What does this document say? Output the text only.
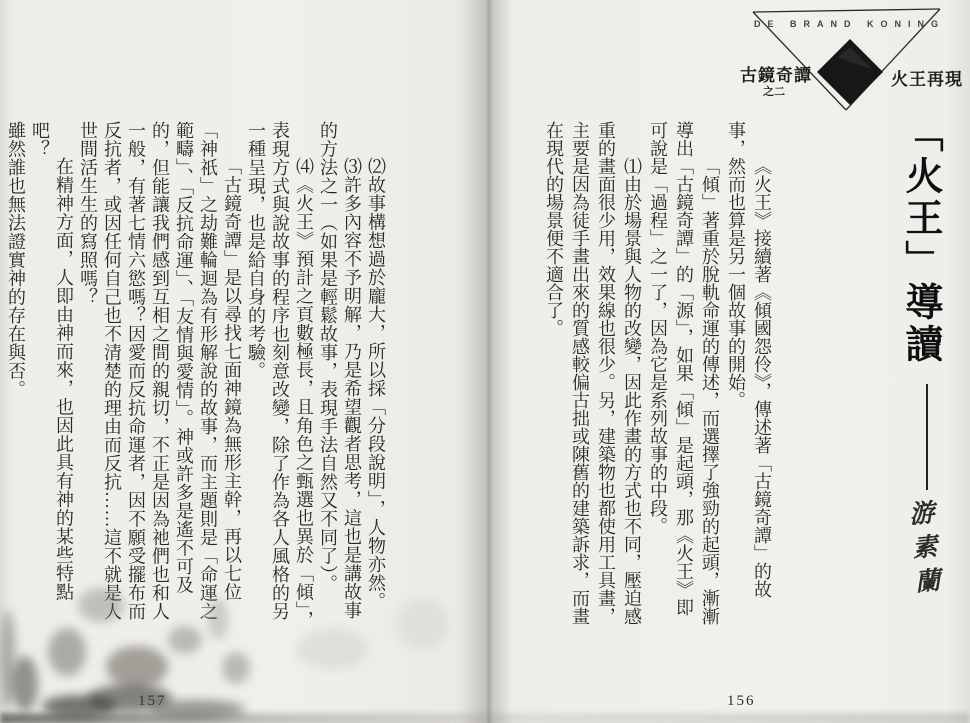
DE BRAND KONING
古鏡奇譚
之二
火王再現
「火王」導讀
游素蘭

《火王》接續著《傾國怨伶》，傳述著「古鏡奇譚」的故事，然而也算是另一個故事的開始。

「傾」著重於脫軌命運的傳述，而選擇了強勁的起頭，漸漸導出「古鏡奇譚」的「源」，如果「傾」是起頭，那《火王》即可說是「過程」之一了，因為它是系列故事的中段。

⑴由於場景與人物的改變，因此作畫的方式也不同，壓迫感重的畫面很少用，效果線也很少。另，建築物也都使用工具畫，主要是因為徒手畫出來的質感較偏古拙或陳舊的建築訴求，而畫在現代的場景便不適合了。

⑵故事構想過於龐大，所以採「分段說明」，人物亦然。

⑶許多內容不予明解，乃是希望觀者思考，這也是講故事的方法之一（如果是輕鬆故事，表現手法自然又不同了）。

⑷《火王》預計之頁數極長，且角色之甄選也異於「傾」，表現方式與說故事的程序也刻意改變，除了作為各人風格的另一種呈現，也是給自身的考驗。

「古鏡奇譚」是以尋找七面神鏡為無形主幹，再以七位「神祇」之劫難輪迴為有形解說的故事，而主題則是「命運之範疇」、「反抗命運」、「友情與愛情」。神或許多是遙不可及的，但能讓我們感到互相之間的親切，不正是因為祂們也和人一般，有著七情六慾嗎？因愛而反抗命運者，因不願受擺布而反抗者，或因任何自己也不清楚的理由而反抗……這不就是人世間活生生的寫照嗎？

在精神方面，人即由神而來，也因此具有神的某些特點吧？

雖然誰也無法證實神的存在與否。

156
